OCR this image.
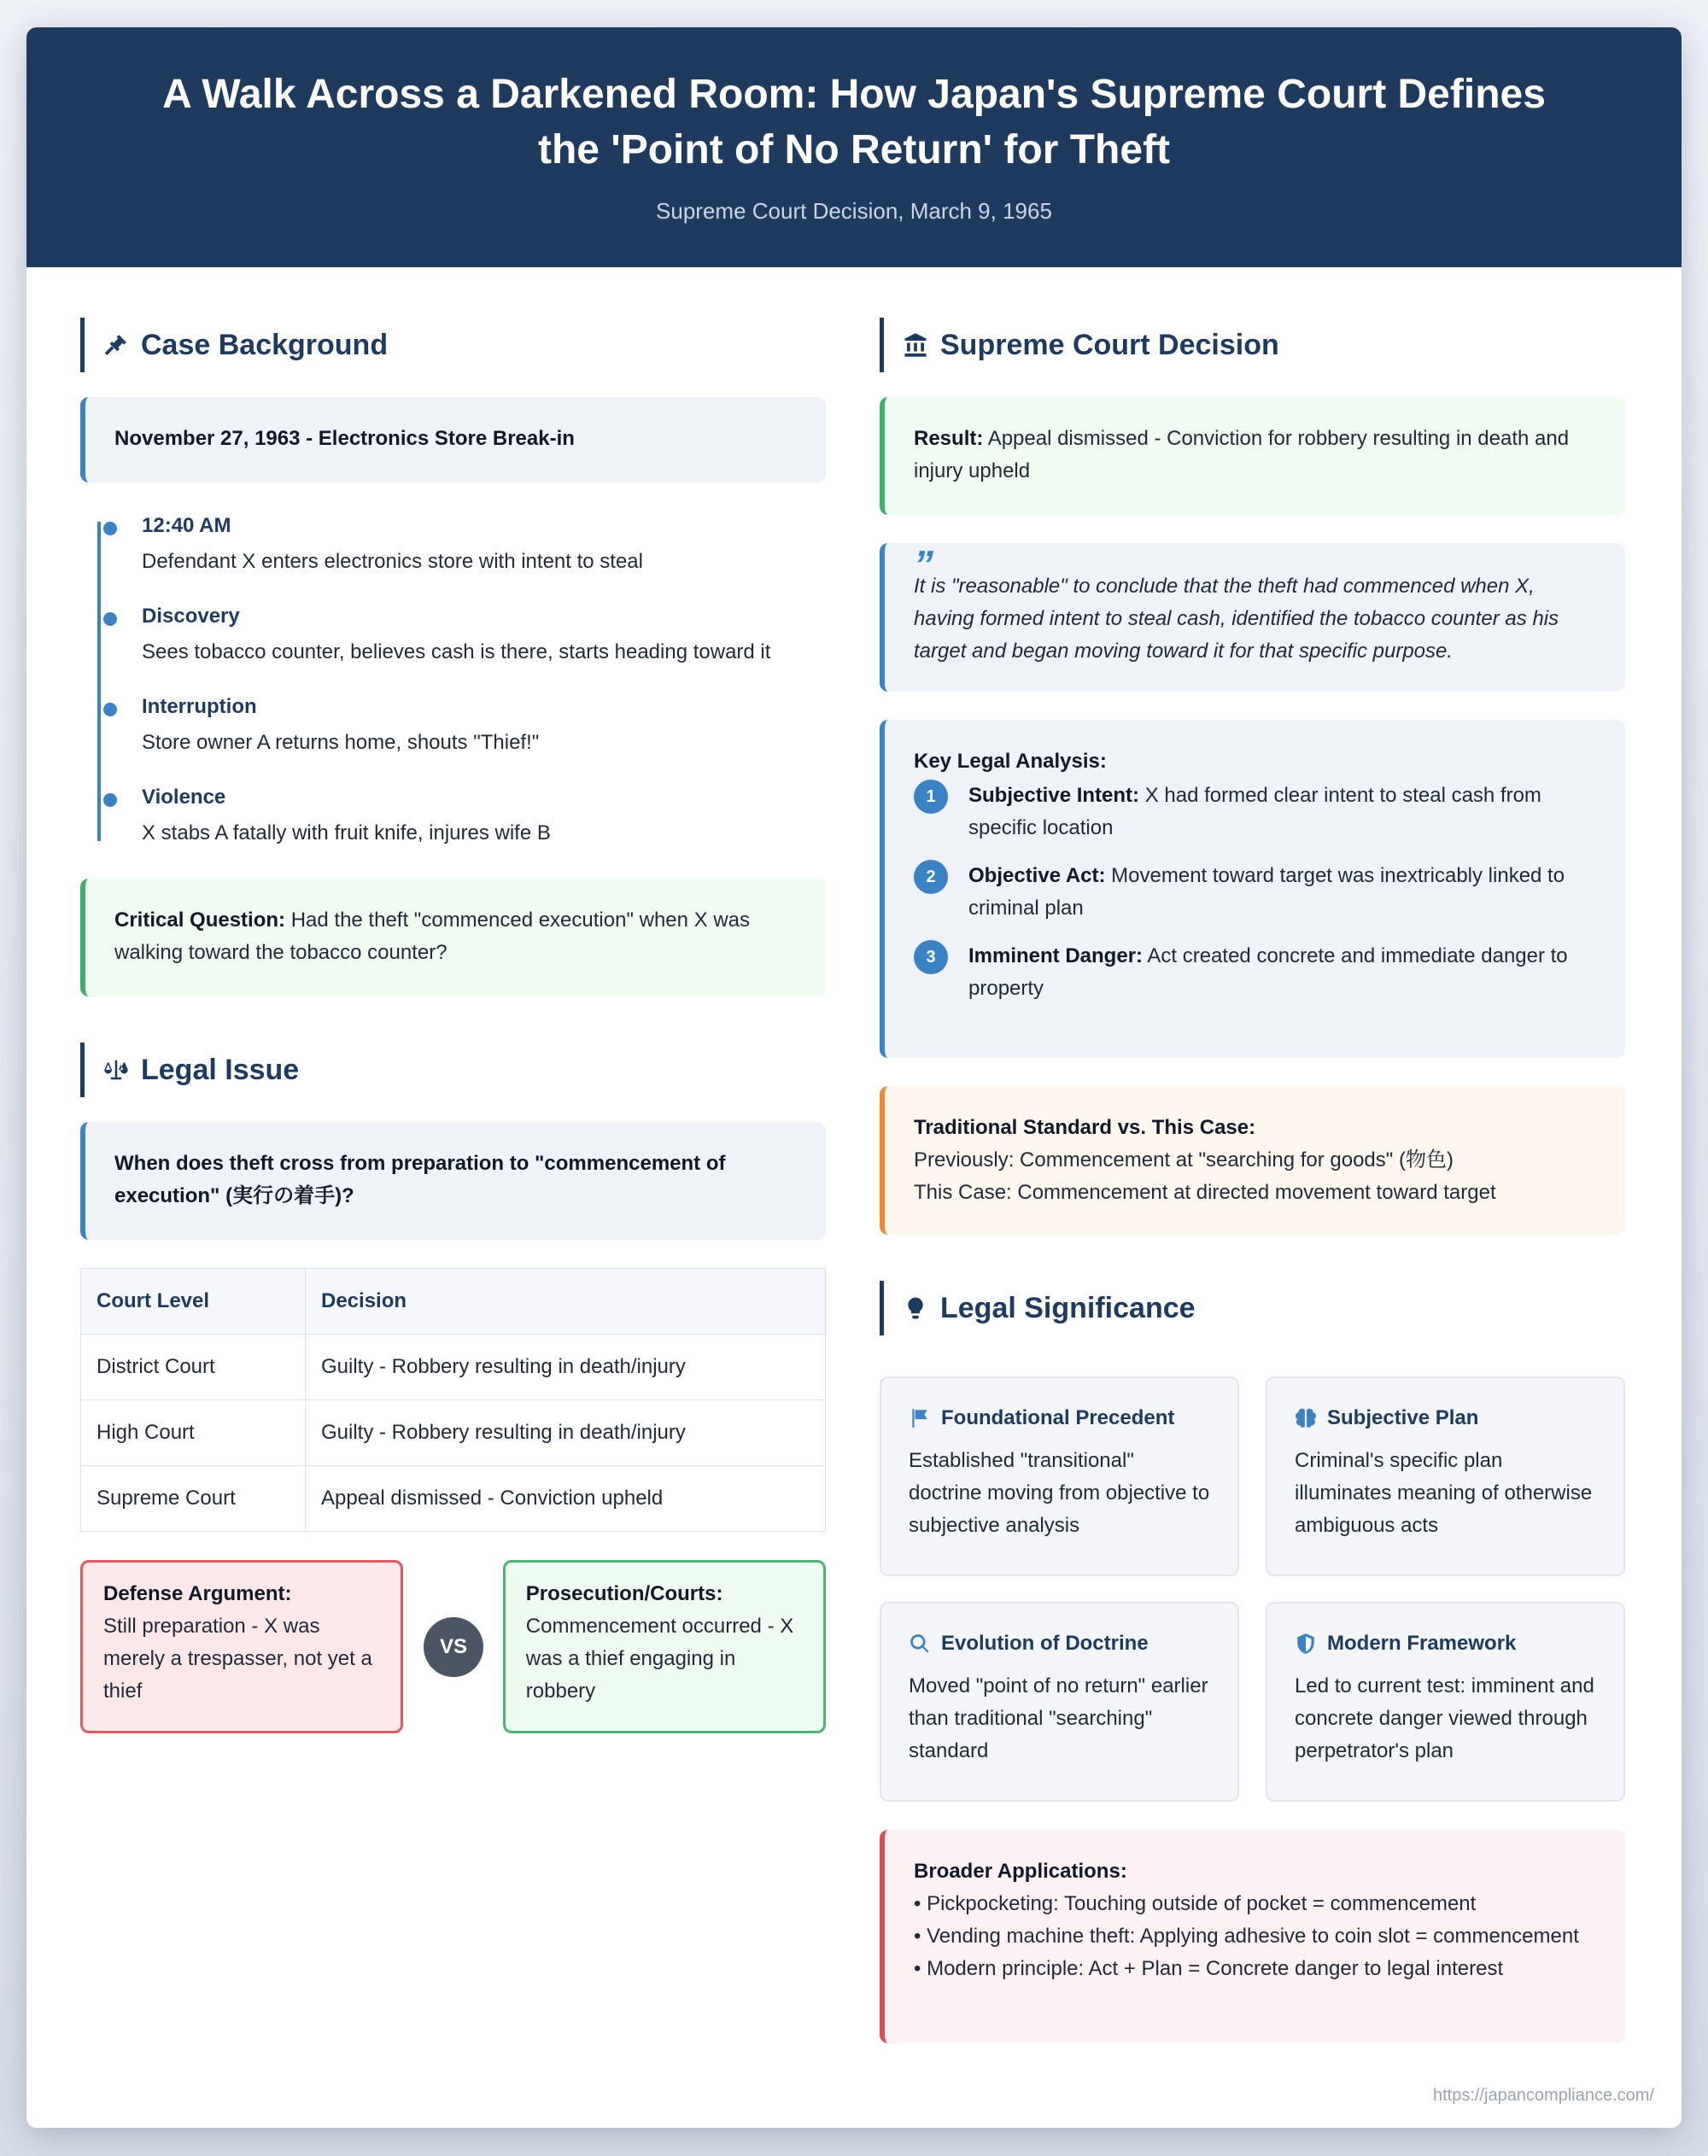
A Walk Across a Darkened Room: How Japan's Supreme Court Defines the 'Point of No Return' for Theft
Supreme Court Decision, March 9, 1965
Case Background
November 27, 1963 - Electronics Store Break-in
12:40 AM
Defendant X enters electronics store with intent to steal
Discovery
Sees tobacco counter, believes cash is there, starts heading toward it
Interruption
Store owner A returns home, shouts "Thief!"
Violence
X stabs A fatally with fruit knife, injures wife B
Critical Question: Had the theft "commenced execution" when X was walking toward the tobacco counter?
Legal Issue
When does theft cross from preparation to "commencement of execution" (実行の着手)?
Court Level	Decision
District Court	Guilty - Robbery resulting in death/injury
High Court	Guilty - Robbery resulting in death/injury
Supreme Court	Appeal dismissed - Conviction upheld
Defense Argument:
Still preparation - X was merely a trespasser, not yet a thief
VS
Prosecution/Courts:
Commencement occurred - X was a thief engaging in robbery
Supreme Court Decision
Result: Appeal dismissed - Conviction for robbery resulting in death and injury upheld
”
It is "reasonable" to conclude that the theft had commenced when X, having formed intent to steal cash, identified the tobacco counter as his target and began moving toward it for that specific purpose.
Key Legal Analysis:
1	Subjective Intent: X had formed clear intent to steal cash from specific location
2	Objective Act: Movement toward target was inextricably linked to criminal plan
3	Imminent Danger: Act created concrete and immediate danger to property
Traditional Standard vs. This Case:
Previously: Commencement at "searching for goods" (物色)
This Case: Commencement at directed movement toward target
Legal Significance
Foundational Precedent
Established "transitional" doctrine moving from objective to subjective analysis
Subjective Plan
Criminal's specific plan illuminates meaning of otherwise ambiguous acts
Evolution of Doctrine
Moved "point of no return" earlier than traditional "searching" standard
Modern Framework
Led to current test: imminent and concrete danger viewed through perpetrator's plan
Broader Applications:
• Pickpocketing: Touching outside of pocket = commencement
• Vending machine theft: Applying adhesive to coin slot = commencement
• Modern principle: Act + Plan = Concrete danger to legal interest
https://japancompliance.com/
